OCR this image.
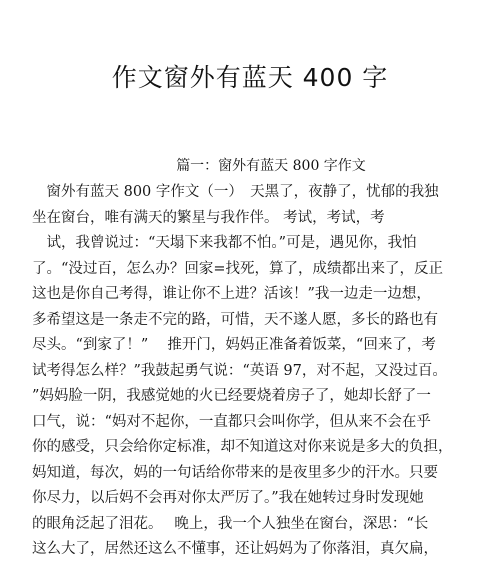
作文窗外有蓝天 400 字
篇一：窗外有蓝天 800 字作文
　窗外有蓝天 800 字作文（一）　天黑了，夜静了，忧郁的我独
坐在窗台，唯有满天的繁星与我作伴。 考试，考试，考
　试，我曾说过：“天塌下来我都不怕。”可是，遇见你，我怕
了。“没过百，怎么办？回家=找死，算了，成绩都出来了，反正
这也是你自己考得，谁让你不上进？活该！”我一边走一边想，
多希望这是一条走不完的路，可惜，天不遂人愿，多长的路也有
尽头。“到家了！”　 推开门，妈妈正准备着饭菜，“回来了，考
试考得怎么样？”我鼓起勇气说：“英语 97，对不起，又没过百。
”妈妈脸一阴，我感觉她的火已经要烧着房子了，她却长舒了一
口气，说：“妈对不起你，一直都只会叫你学，但从来不会在乎
你的感受，只会给你定标准，却不知道这对你来说是多大的负担，
妈知道，每次，妈的一句话给你带来的是夜里多少的汗水。只要
你尽力，以后妈不会再对你太严厉了。”我在她转过身时发现她
的眼角泛起了泪花。　 晚上，我一个人独坐在窗台，深思：“长
这么大了，居然还这么不懂事，还让妈妈为了你落泪，真欠扁，
